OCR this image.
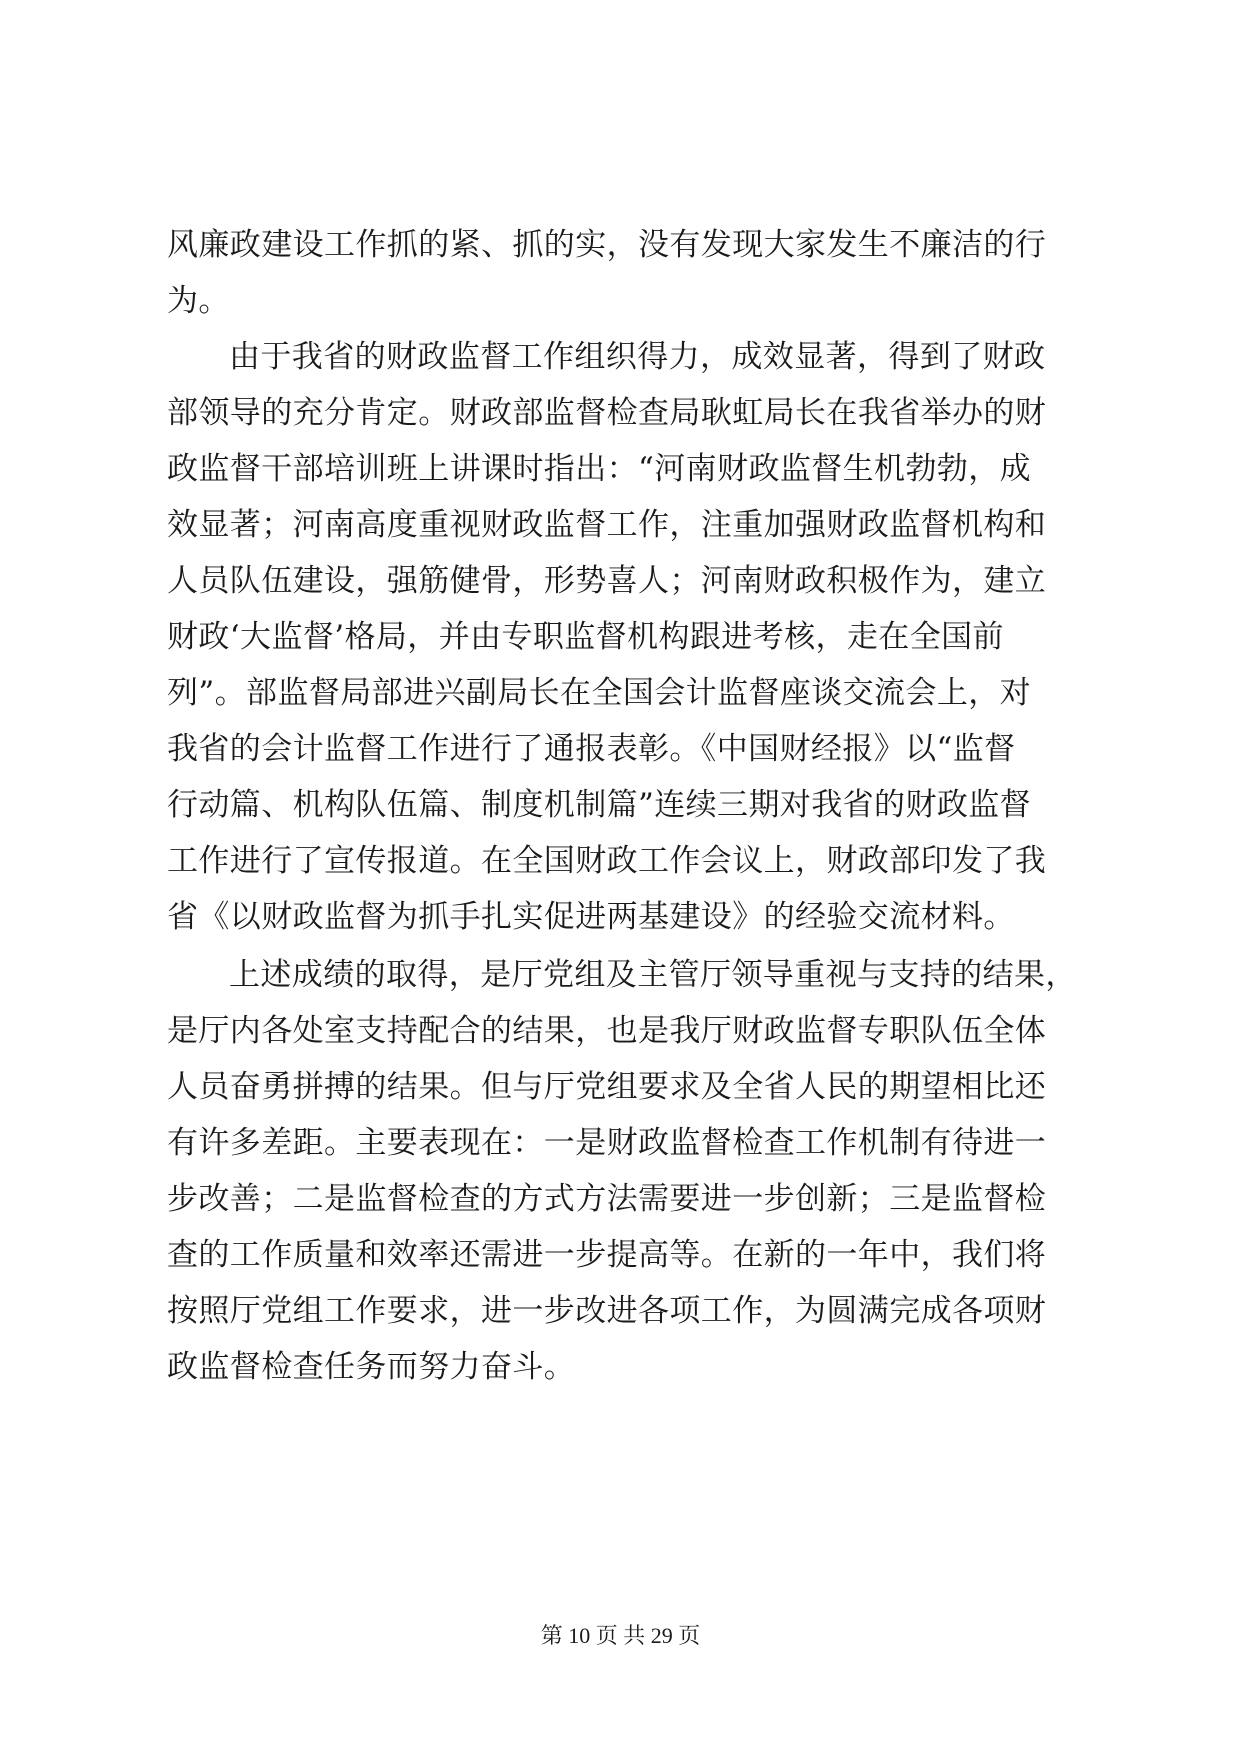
风廉政建设工作抓的紧、抓的实，没有发现大家发生不廉洁的行
为。
由于我省的财政监督工作组织得力，成效显著，得到了财政
部领导的充分肯定。财政部监督检查局耿虹局长在我省举办的财
政监督干部培训班上讲课时指出：“河南财政监督生机勃勃，成
效显著；河南高度重视财政监督工作，注重加强财政监督机构和
人员队伍建设，强筋健骨，形势喜人；河南财政积极作为，建立
财政‘大监督’格局，并由专职监督机构跟进考核，走在全国前
列”。部监督局部进兴副局长在全国会计监督座谈交流会上，对
我省的会计监督工作进行了通报表彰。《中国财经报》以“监督
行动篇、机构队伍篇、制度机制篇”连续三期对我省的财政监督
工作进行了宣传报道。在全国财政工作会议上，财政部印发了我
省《以财政监督为抓手扎实促进两基建设》的经验交流材料。
上述成绩的取得，是厅党组及主管厅领导重视与支持的结果，
是厅内各处室支持配合的结果，也是我厅财政监督专职队伍全体
人员奋勇拼搏的结果。但与厅党组要求及全省人民的期望相比还
有许多差距。主要表现在：一是财政监督检查工作机制有待进一
步改善；二是监督检查的方式方法需要进一步创新；三是监督检
查的工作质量和效率还需进一步提高等。在新的一年中，我们将
按照厅党组工作要求，进一步改进各项工作，为圆满完成各项财
政监督检查任务而努力奋斗。
第 10 页 共 29 页
